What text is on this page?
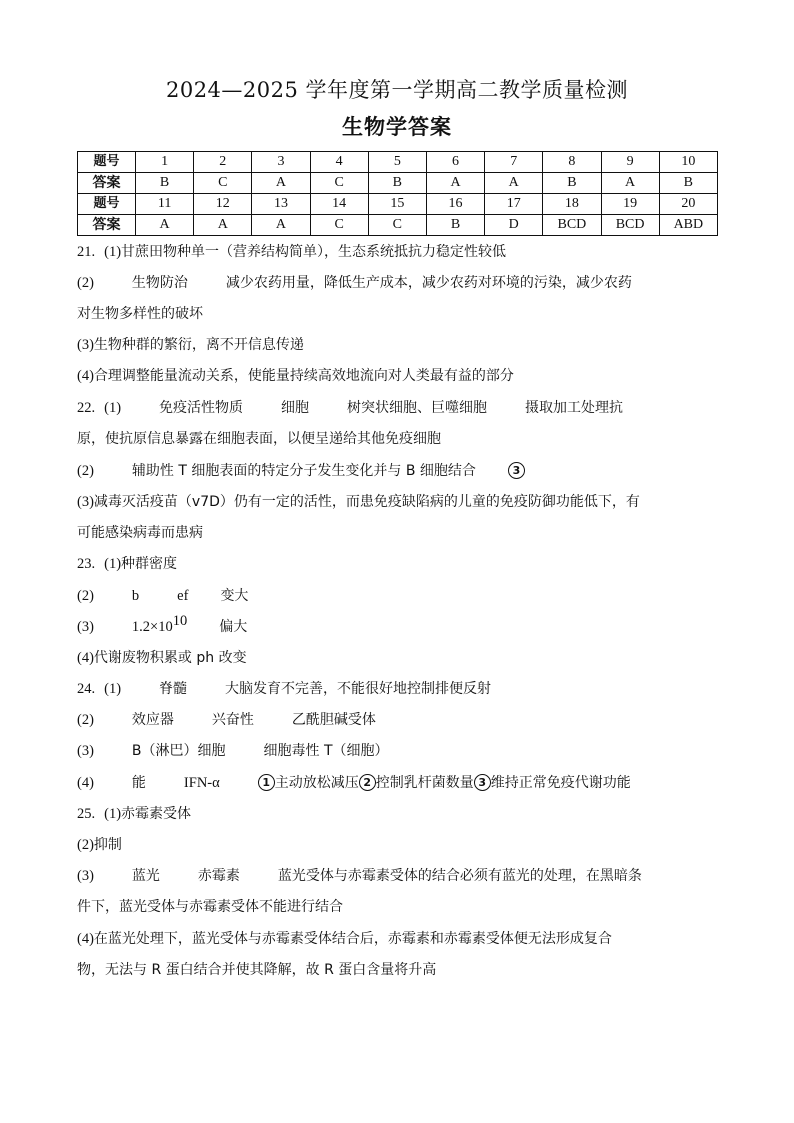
2024—2025 学年度第一学期高二教学质量检测
生物学答案
题号	1	2	3	4	5	6	7	8	9	10
答案	B	C	A	C	B	A	A	B	A	B
题号	11	12	13	14	15	16	17	18	19	20
答案	A	A	A	C	C	B	D	BCD	BCD	ABD
21. (1)甘蔗田物种单一（营养结构简单），生态系统抵抗力稳定性较低
(2)	生物防治	减少农药用量，降低生产成本，减少农药对环境的污染，减少农药
对生物多样性的破坏
(3)生物种群的繁衍，离不开信息传递
(4)合理调整能量流动关系，使能量持续高效地流向对人类最有益的部分
22. (1)	免疫活性物质	细胞	树突状细胞、巨噬细胞	摄取加工处理抗
原，使抗原信息暴露在细胞表面，以便呈递给其他免疫细胞
(2)	辅助性 T 细胞表面的特定分子发生变化并与 B 细胞结合	3
(3)减毒灭活疫苗（v7D）仍有一定的活性，而患免疫缺陷病的儿童的免疫防御功能低下，有
可能感染病毒而患病
23. (1)种群密度
(2)	b	ef 变大
(3)	$1.2\times 10^{10}$ 偏大
(4)代谢废物积累或 ph 改变
24. (1)	脊髓	大脑发育不完善，不能很好地控制排便反射
(2)	效应器	兴奋性	乙酰胆碱受体
(3)	B（淋巴）细胞	细胞毒性 T（细胞）
(4)	能	IFN-α	1 主动放松减压 2 控制乳杆菌数量 3 维持正常免疫代谢功能
25. (1)赤霉素受体
(2)抑制
(3)	蓝光	赤霉素	蓝光受体与赤霉素受体的结合必须有蓝光的处理，在黑暗条
件下，蓝光受体与赤霉素受体不能进行结合
(4)在蓝光处理下，蓝光受体与赤霉素受体结合后，赤霉素和赤霉素受体便无法形成复合
物，无法与 R 蛋白结合并使其降解，故 R 蛋白含量将升高
